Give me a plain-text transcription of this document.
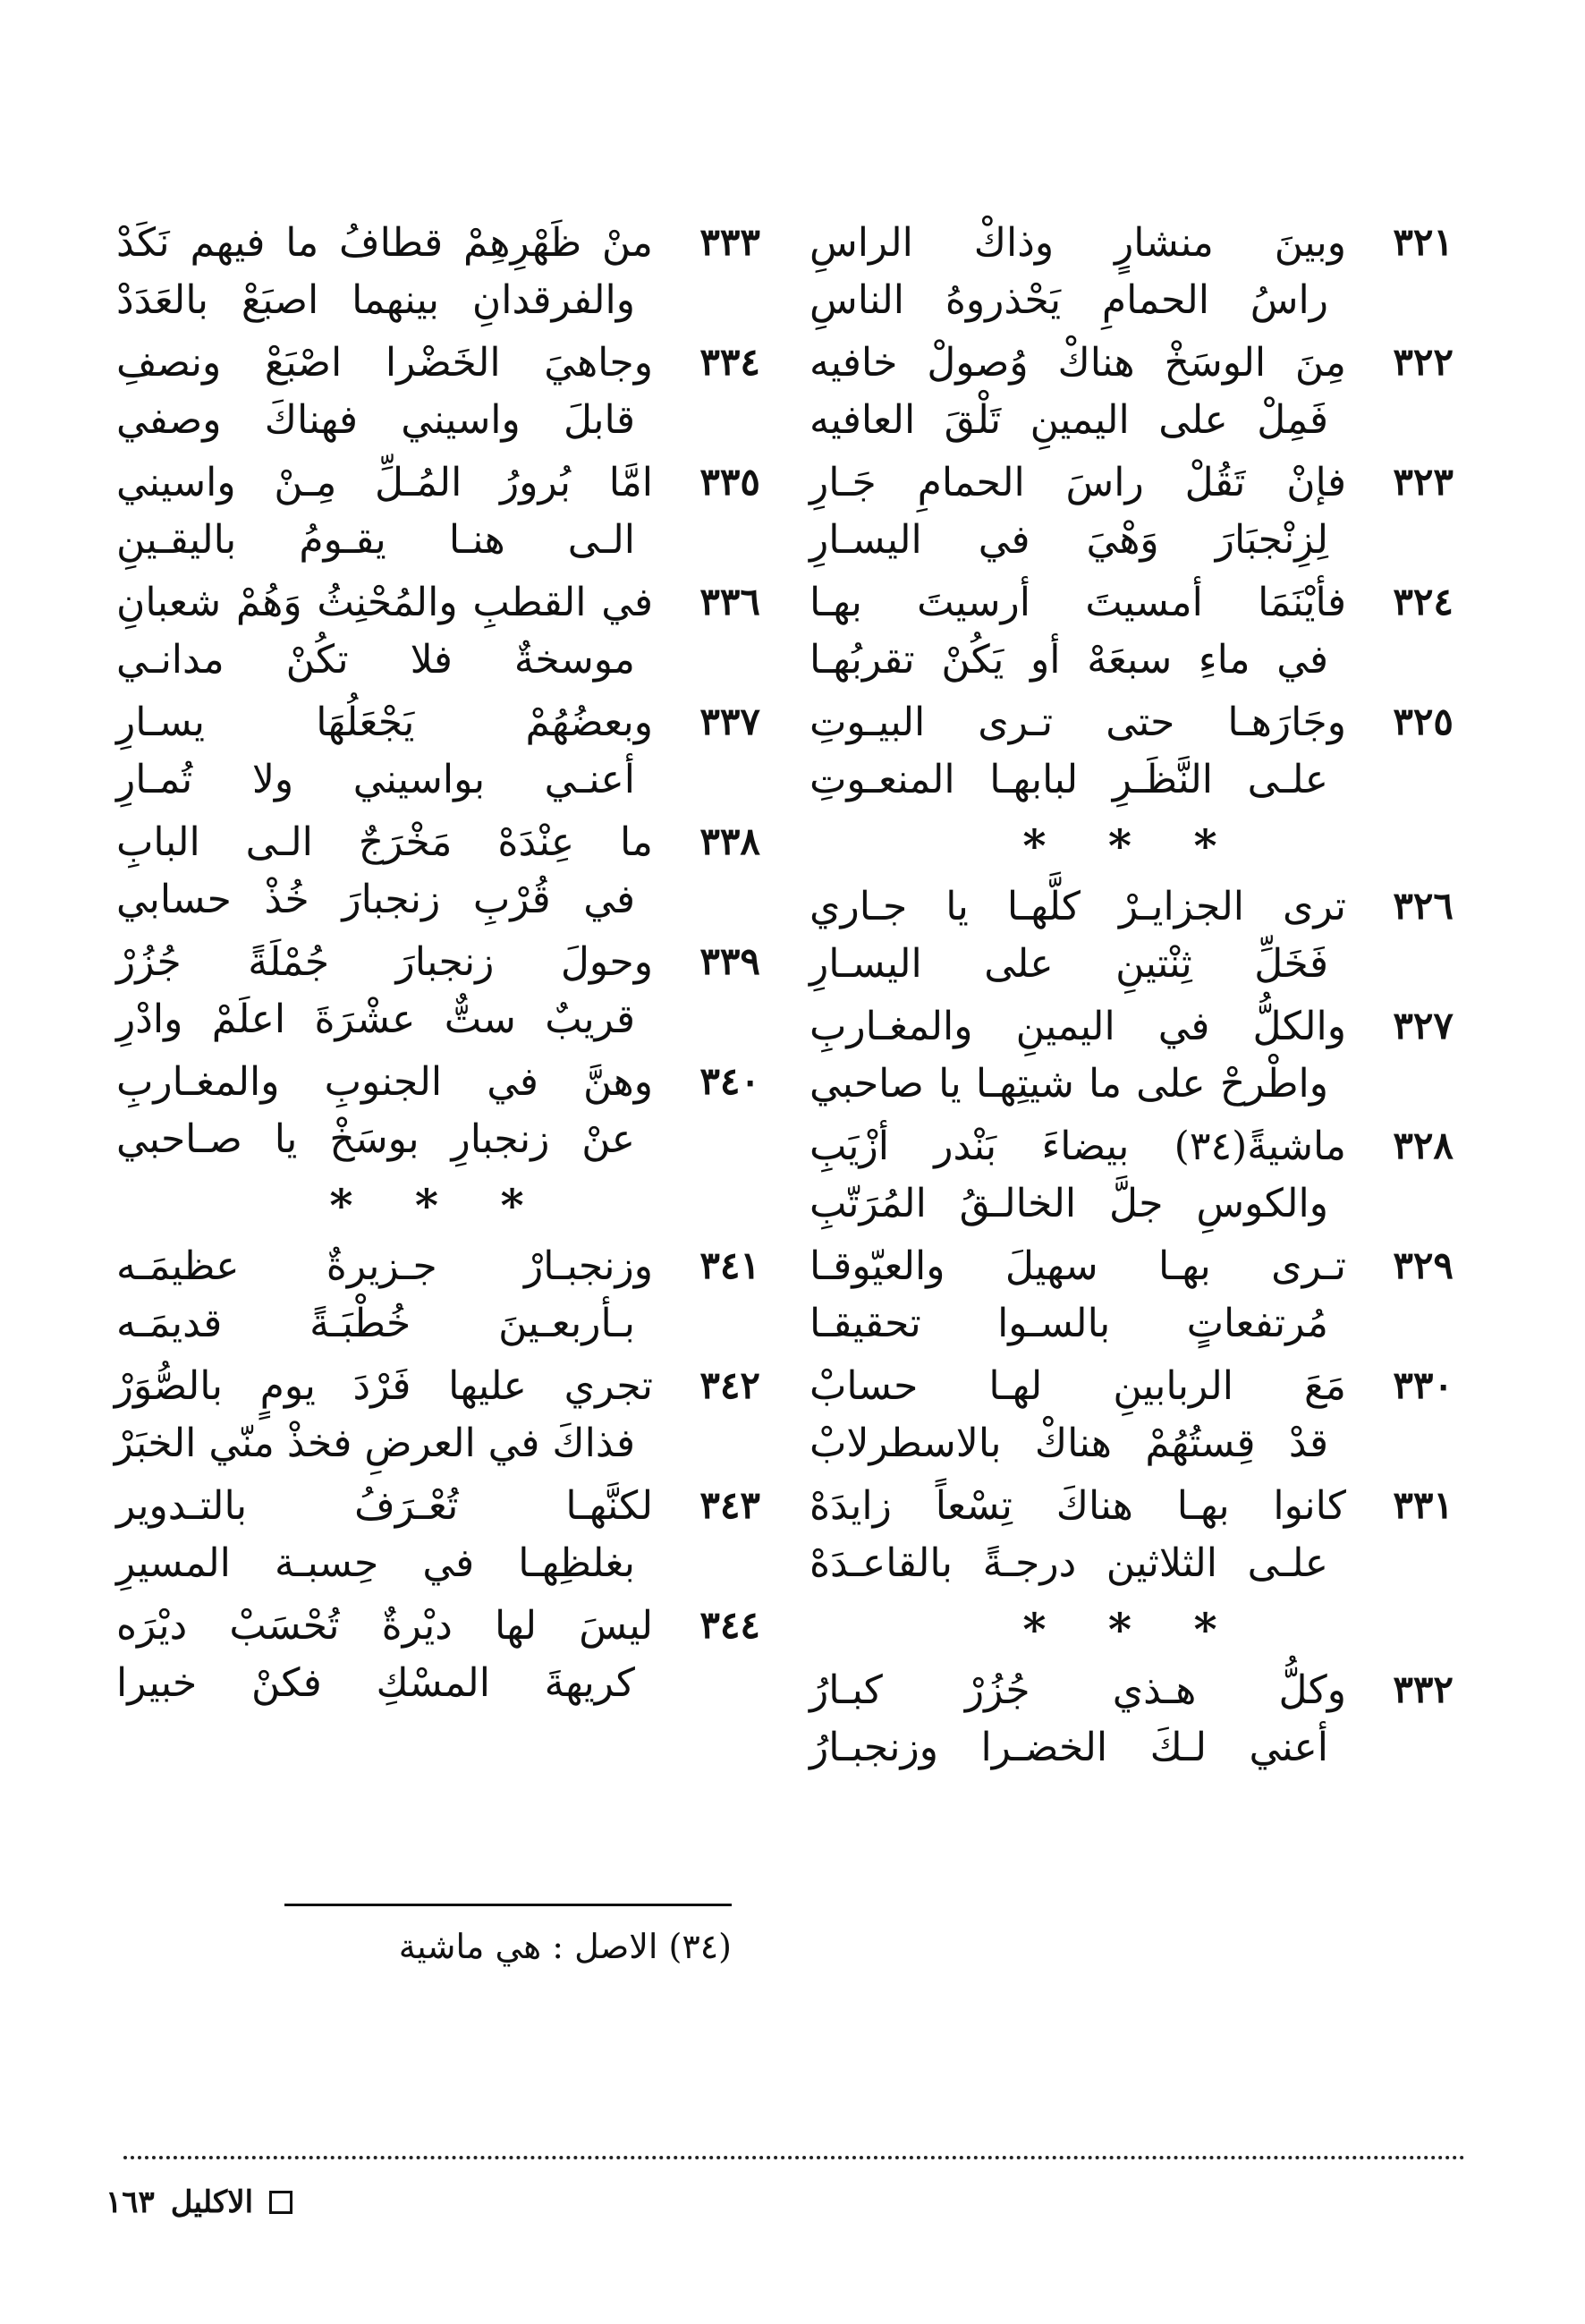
٣٢١
وبينَ منشارٍ وذاكْ الراسِ
راسُ الحمامِ يَحْذروهُ الناسِ
٣٢٢
مِنَ الوسَخْ هناكْ وُصولْ خافيه
فَمِلْ على اليمينِ تَلْقَ العافيه
٣٢٣
فإنْ تَقُلْ راسَ الحمامِ جَـارِ
لِزِنْجبَارَ وَهْيَ في اليسـارِ
٣٢٤
فأيْنَمَا أمسيتَ أرسيتَ بهـا
في ماءِ سبعَهْ أو يَكُنْ تقربُهـا
٣٢٥
وجَارَهـا حتى تـرى البيـوتِ
علـى النَّظَـرِ لبابهـا المنعـوتِ
* * *
٣٢٦
ترى الجزايـرْ كلَّهـا يا جـاري
فَخَلِّ ثِنْتينِ على اليسـارِ
٣٢٧
والكلُّ في اليمينِ والمغـاربِ
واطْرحْ على ما شيتِهـا يا صاحبي
٣٢٨
ماشيةً(٣٤) بيضاءَ بَنْدر أزْيَبِ
والكوسِ جلَّ الخالـقُ المُرَتّبِ
٣٢٩
تـرى بهـا سهيلَ والعيّوقـا
مُرتفعاتٍ بالسـوا تحقيقـا
٣٣٠
مَعَ الربابينِ لهـا حسابْ
قدْ قِستُهُمْ هناكْ بالاسطرلابْ
٣٣١
كانوا بهـا هناكَ تِسْعاً زايدَهْ
علـى الثلاثين درجـةً بالقاعـدَهْ
* * *
٣٣٢
وكلُّ هـذي جُزُرْ كبـارُ
أعني لـكَ الخضـرا وزنجبـارُ
٣٣٣
منْ ظَهْرِهِمْ قطافُ ما فيهم نَكَدْ
والفرقدانِ بينهما اصبَعْ بالعَدَدْ
٣٣٤
وجاهيَ الخَضْرا اصْبَعْ ونصفِ
قابلَ واسيني فهناكَ وصفي
٣٣٥
امَّا بُرورُ المُـلِّ مِـنْ واسيني
الـى هنـا يقـومُ باليقـينِ
٣٣٦
في القطبِ والمُحْنِثُ وَهُمْ شعبانِ
موسخةٌ فلا تكُنْ مدانـي
٣٣٧
وبعضُهُمْ يَجْعَلُهَا يسـارِ
أعنـي بواسيني ولا تُمـارِ
٣٣٨
ما عِنْدَهْ مَخْرَجٌ الـى البابِ
في قُرْبِ زنجبارَ خُذْ حسابي
٣٣٩
وحولَ زنجبارَ جُمْلَةً جُزُرْ
قريبٌ ستٌّ عشْرَةَ اعلَمْ وادْرِ
٣٤٠
وهنَّ في الجنوبِ والمغـاربِ
عنْ زنجبارِ بوسَخْ يا صـاحبي
* * *
٣٤١
وزنجبـارْ جـزيرةٌ عظيمَـه
بـأربعـينَ خُطْبَـةً قديمَـه
٣٤٢
تجري عليها فَرْدَ يومٍ بالصُّوَرْ
فذاكَ في العرضِ فخذْ منّي الخبَرْ
٣٤٣
لكنَّهـا تُعْـرَفُ بالتـدوير
بغلظِهـا في حِسبـة المسيرِ
٣٤٤
ليسَ لها ديْرةٌ تُحْسَبْ ديْرَه
كريهةَ المسْكِ فكنْ خبيرا
(٣٤) الاصل : هي ماشية
الاكليل
١٦٣
